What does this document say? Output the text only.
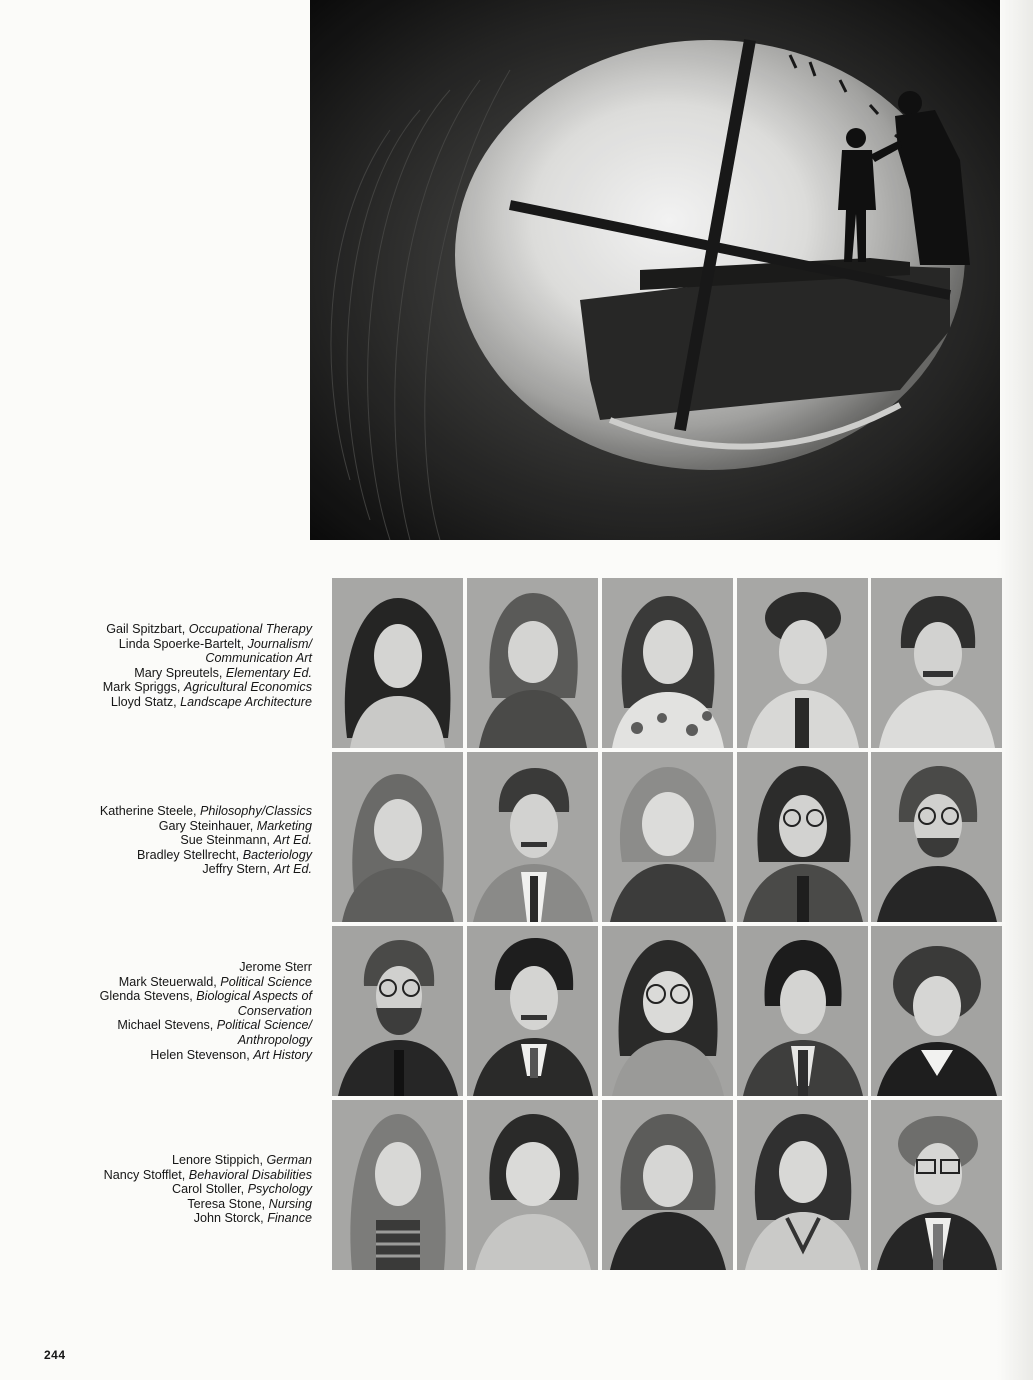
Gail Spitzbart, Occupational Therapy
Linda Spoerke-Bartelt, Journalism/
Communication Art
Mary Spreutels, Elementary Ed.
Mark Spriggs, Agricultural Economics
Lloyd Statz, Landscape Architecture
Katherine Steele, Philosophy/Classics
Gary Steinhauer, Marketing
Sue Steinmann, Art Ed.
Bradley Stellrecht, Bacteriology
Jeffry Stern, Art Ed.
Jerome Sterr
Mark Steuerwald, Political Science
Glenda Stevens, Biological Aspects of
Conservation
Michael Stevens, Political Science/
Anthropology
Helen Stevenson, Art History
Lenore Stippich, German
Nancy Stofflet, Behavioral Disabilities
Carol Stoller, Psychology
Teresa Stone, Nursing
John Storck, Finance
244
